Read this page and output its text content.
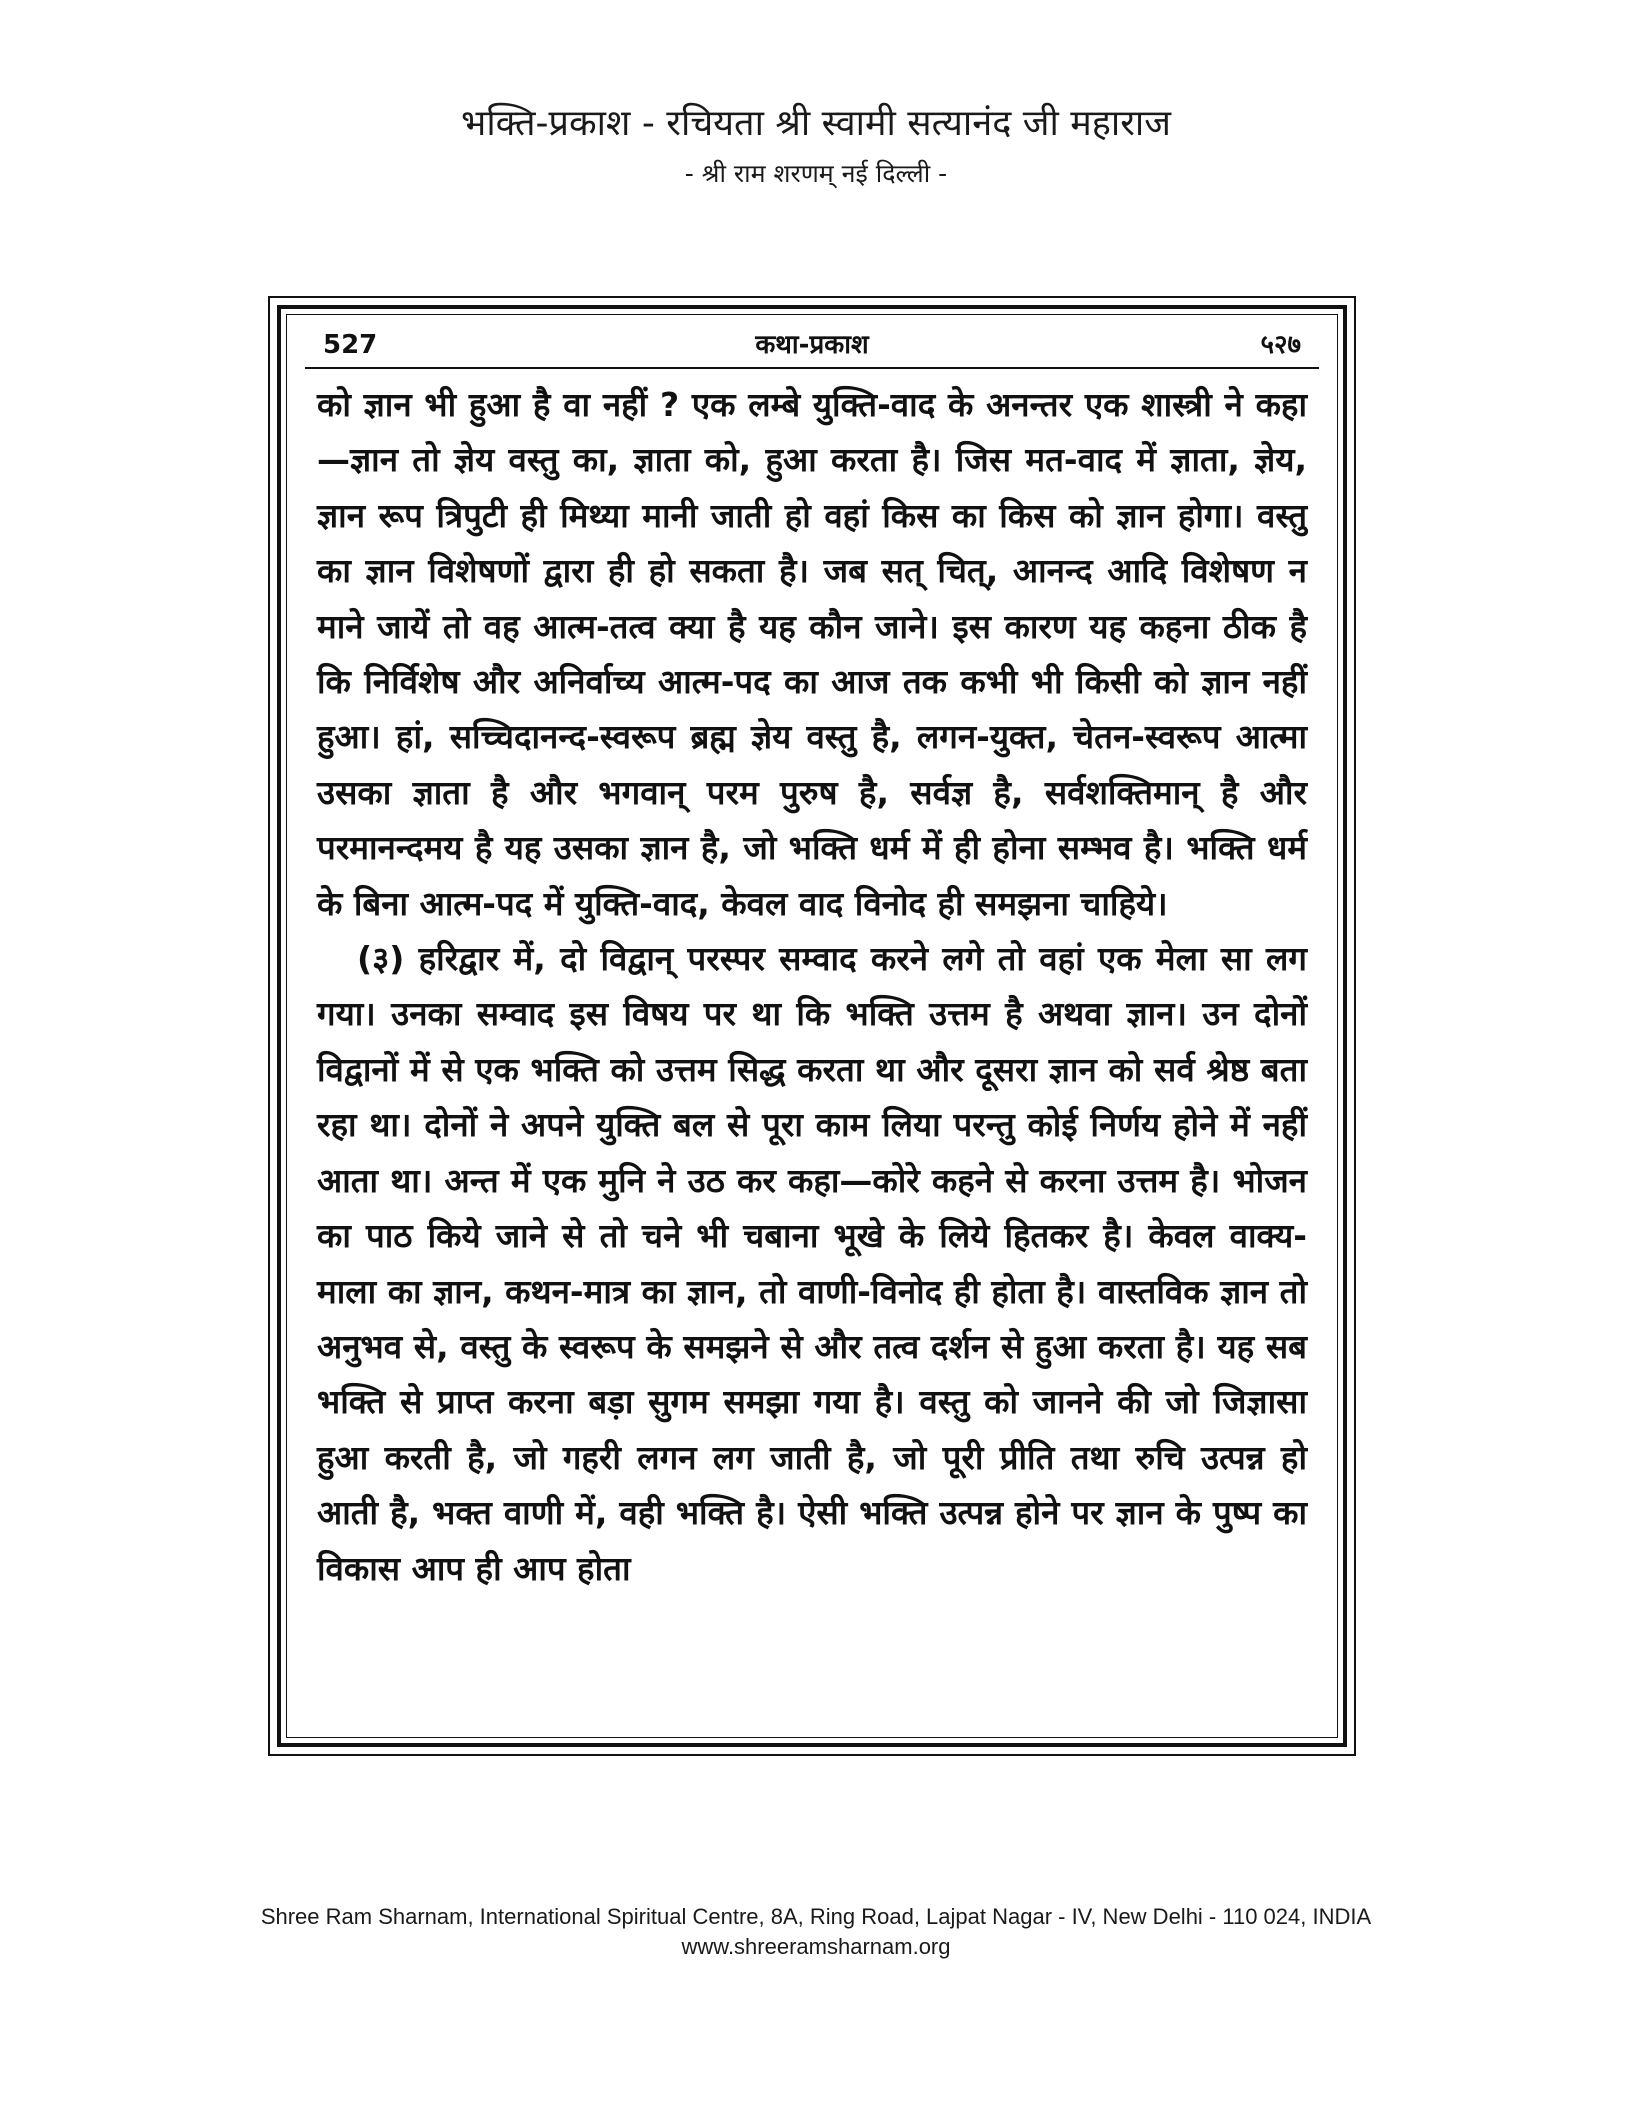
भक्ति-प्रकाश - रचियता श्री स्वामी सत्यानंद जी महाराज
- श्री राम शरणम् नई दिल्ली -
527	कथा-प्रकाश	५२७

को ज्ञान भी हुआ है वा नहीं ? एक लम्बे युक्ति-वाद के अनन्तर एक शास्त्री ने कहा—ज्ञान तो ज्ञेय वस्तु का, ज्ञाता को, हुआ करता है। जिस मत-वाद में ज्ञाता, ज्ञेय, ज्ञान रूप त्रिपुटी ही मिथ्या मानी जाती हो वहां किस का किस को ज्ञान होगा। वस्तु का ज्ञान विशेषणों द्वारा ही हो सकता है। जब सत् चित्, आनन्द आदि विशेषण न माने जायें तो वह आत्म-तत्व क्या है यह कौन जाने। इस कारण यह कहना ठीक है कि निर्विशेष और अनिर्वाच्य आत्म-पद का आज तक कभी भी किसी को ज्ञान नहीं हुआ। हां, सच्चिदानन्द-स्वरूप ब्रह्म ज्ञेय वस्तु है, लगन-युक्त, चेतन-स्वरूप आत्मा उसका ज्ञाता है और भगवान् परम पुरुष है, सर्वज्ञ है, सर्वशक्तिमान् है और परमानन्दमय है यह उसका ज्ञान है, जो भक्ति धर्म में ही होना सम्भव है। भक्ति धर्म के बिना आत्म-पद में युक्ति-वाद, केवल वाद विनोद ही समझना चाहिये।

(३) हरिद्वार में, दो विद्वान् परस्पर सम्वाद करने लगे तो वहां एक मेला सा लग गया। उनका सम्वाद इस विषय पर था कि भक्ति उत्तम है अथवा ज्ञान। उन दोनों विद्वानों में से एक भक्ति को उत्तम सिद्ध करता था और दूसरा ज्ञान को सर्व श्रेष्ठ बता रहा था। दोनों ने अपने युक्ति बल से पूरा काम लिया परन्तु कोई निर्णय होने में नहीं आता था। अन्त में एक मुनि ने उठ कर कहा—कोरे कहने से करना उत्तम है। भोजन का पाठ किये जाने से तो चने भी चबाना भूखे के लिये हितकर है। केवल वाक्य-माला का ज्ञान, कथन-मात्र का ज्ञान, तो वाणी-विनोद ही होता है। वास्तविक ज्ञान तो अनुभव से, वस्तु के स्वरूप के समझने से और तत्व दर्शन से हुआ करता है। यह सब भक्ति से प्राप्त करना बड़ा सुगम समझा गया है। वस्तु को जानने की जो जिज्ञासा हुआ करती है, जो गहरी लगन लग जाती है, जो पूरी प्रीति तथा रुचि उत्पन्न हो आती है, भक्त वाणी में, वही भक्ति है। ऐसी भक्ति उत्पन्न होने पर ज्ञान के पुष्प का विकास आप ही आप होता

Shree Ram Sharnam, International Spiritual Centre, 8A, Ring Road, Lajpat Nagar - IV, New Delhi - 110 024, INDIA
www.shreeramsharnam.org
